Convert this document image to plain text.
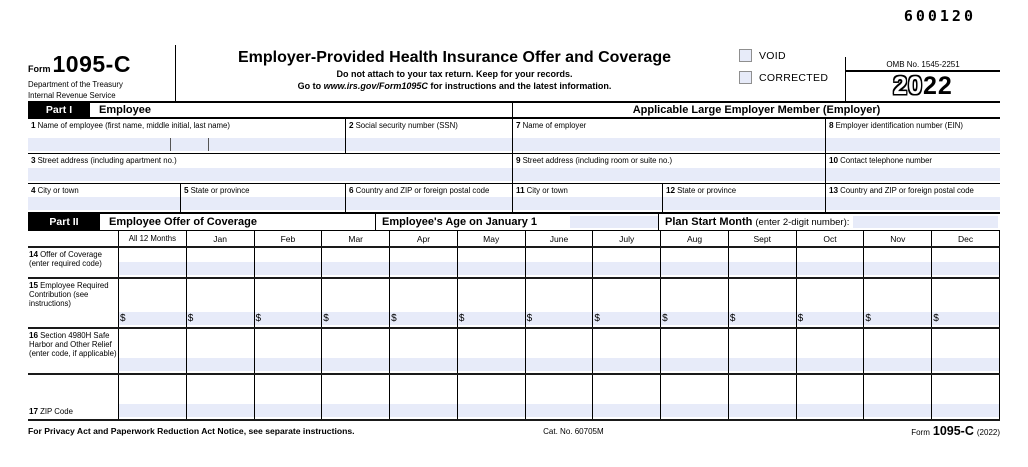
600120
Form 1095-C
Department of the Treasury
Internal Revenue Service
Employer-Provided Health Insurance Offer and Coverage
Do not attach to your tax return. Keep for your records.
Go to www.irs.gov/Form1095C for instructions and the latest information.
VOID
CORRECTED
OMB No. 1545-2251
2022
Part I	Employee	Applicable Large Employer Member (Employer)
1 Name of employee (first name, middle initial, last name)	2 Social security number (SSN)	7 Name of employer	8 Employer identification number (EIN)
3 Street address (including apartment no.)	9 Street address (including room or suite no.)	10 Contact telephone number
4 City or town	5 State or province	6 Country and ZIP or foreign postal code	11 City or town	12 State or province	13 Country and ZIP or foreign postal code
Part II	Employee Offer of Coverage	Employee's Age on January 1	Plan Start Month (enter 2-digit number):
All 12 Months	Jan	Feb	Mar	Apr	May	June	July	Aug	Sept	Oct	Nov	Dec
14 Offer of Coverage (enter required code)
15 Employee Required Contribution (see instructions)
$	$	$	$	$	$	$	$	$	$	$	$	$
16 Section 4980H Safe Harbor and Other Relief (enter code, if applicable)
17 ZIP Code
For Privacy Act and Paperwork Reduction Act Notice, see separate instructions.	Cat. No. 60705M	Form 1095-C (2022)
